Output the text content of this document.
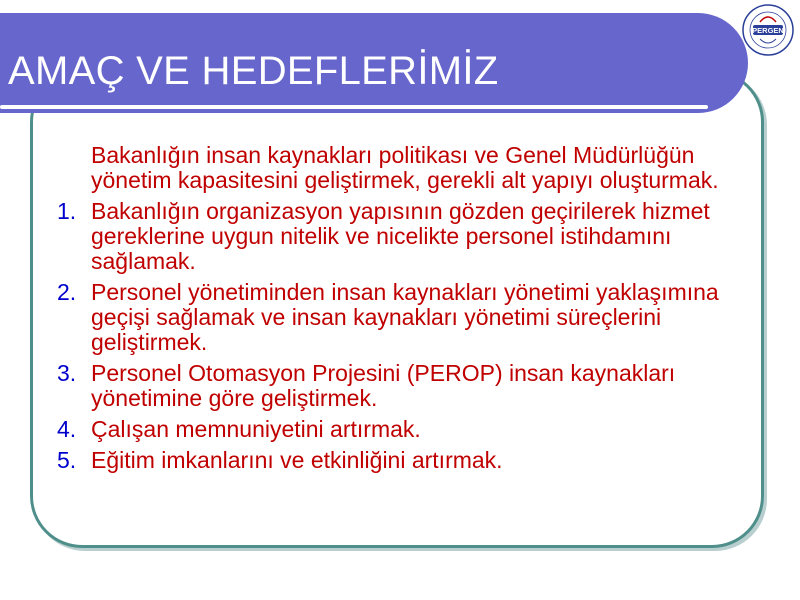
AMAÇ VE HEDEFLERİMİZ
PERGEN
Bakanlığın insan kaynakları politikası ve Genel Müdürlüğün yönetim kapasitesini geliştirmek, gerekli alt yapıyı oluşturmak.
1. Bakanlığın organizasyon yapısının gözden geçirilerek hizmet gereklerine uygun nitelik ve nicelikte personel istihdamını sağlamak.
2. Personel yönetiminden insan kaynakları yönetimi yaklaşımına geçişi sağlamak ve insan kaynakları yönetimi süreçlerini geliştirmek.
3. Personel Otomasyon Projesini (PEROP) insan kaynakları yönetimine göre geliştirmek.
4. Çalışan memnuniyetini artırmak.
5. Eğitim imkanlarını ve etkinliğini artırmak.
